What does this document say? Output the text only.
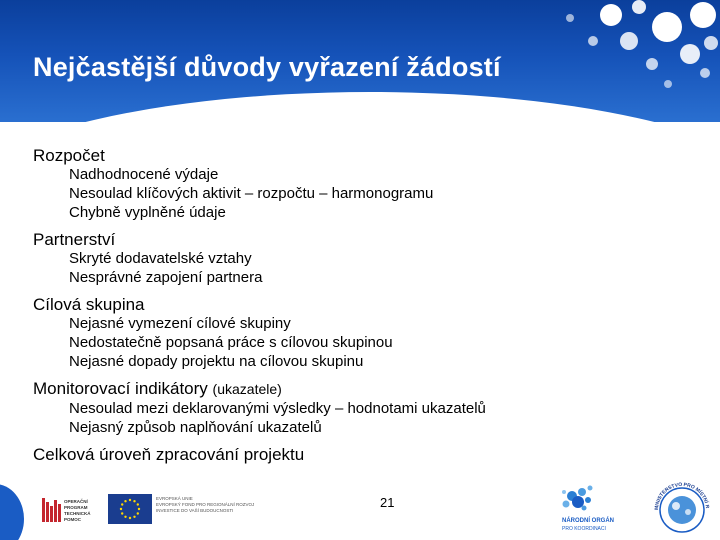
Nejčastější důvody vyřazení žádostí
Rozpočet
Nadhodnocené výdaje
Nesoulad klíčových aktivit – rozpočtu – harmonogramu
Chybně vyplněné údaje
Partnerství
Skryté dodavatelské vztahy
Nesprávné zapojení partnera
Cílová skupina
Nejasné vymezení cílové skupiny
Nedostatečně popsaná práce s cílovou skupinou
Nejasné dopady projektu na cílovou skupinu
Monitorovací indikátory (ukazatele)
Nesoulad mezi deklarovanými výsledky – hodnotami ukazatelů
Nejasný způsob naplňování ukazatelů
Celková úroveň zpracování projektu
OPERAČNÍ
PROGRAM
TECHNICKÁ
POMOC
EVROPSKÁ UNIE
EVROPSKÝ FOND PRO REGIONÁLNÍ ROZVOJ
INVESTICE DO VAŠÍ BUDOUCNOSTI
21
NÁRODNÍ ORGÁN
PRO KOORDINACI
MINISTERSTVO PRO MÍSTNÍ R
